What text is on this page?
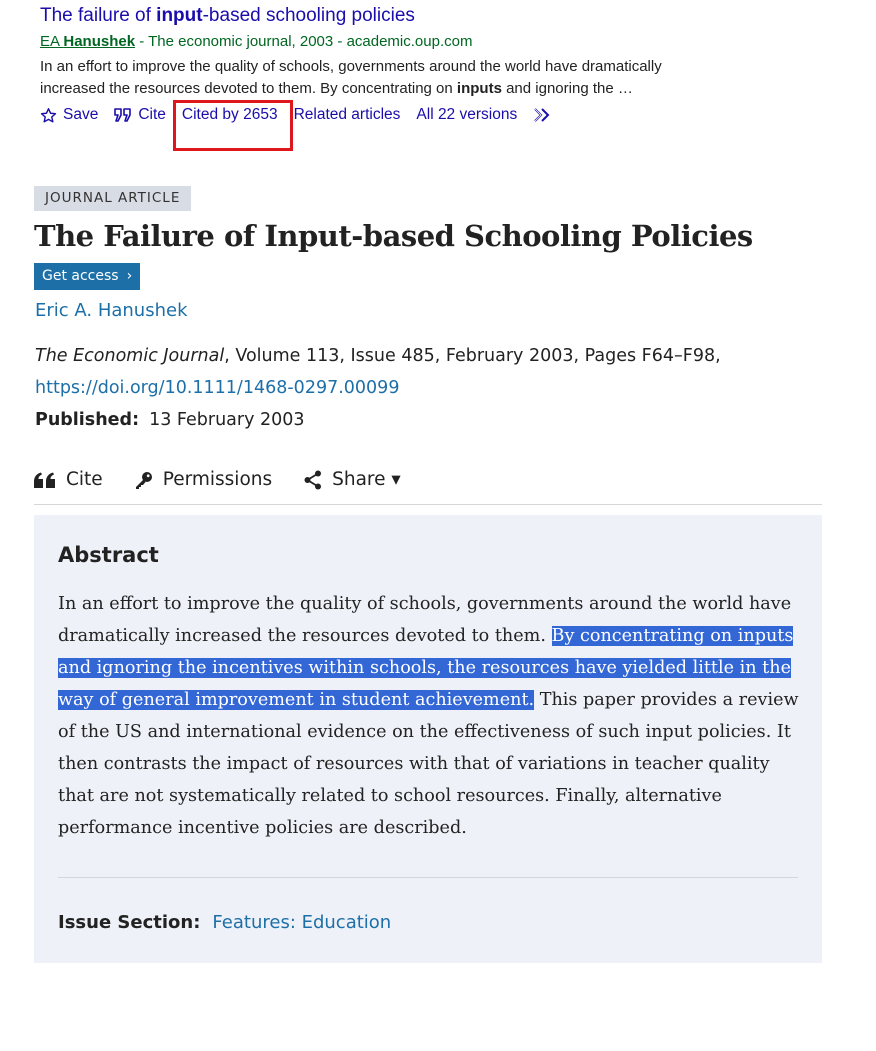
The failure of input-based schooling policies
EA Hanushek - The economic journal, 2003 - academic.oup.com
In an effort to improve the quality of schools, governments around the world have dramatically increased the resources devoted to them. By concentrating on inputs and ignoring the …
Save	Cite Cited by 2653 Related articles All 22 versions
JOURNAL ARTICLE
The Failure of Input-based Schooling Policies
Get access ›
Eric A. Hanushek
The Economic Journal, Volume 113, Issue 485, February 2003, Pages F64–F98,
https://doi.org/10.1111/1468-0297.00099
Published: 13 February 2003
Cite	Permissions	Share ▾
Abstract
In an effort to improve the quality of schools, governments around the world have dramatically increased the resources devoted to them. By concentrating on inputs and ignoring the incentives within schools, the resources have yielded little in the way of general improvement in student achievement. This paper provides a review of the US and international evidence on the effectiveness of such input policies. It then contrasts the impact of resources with that of variations in teacher quality that are not systematically related to school resources. Finally, alternative performance incentive policies are described.
Issue Section: Features: Education
